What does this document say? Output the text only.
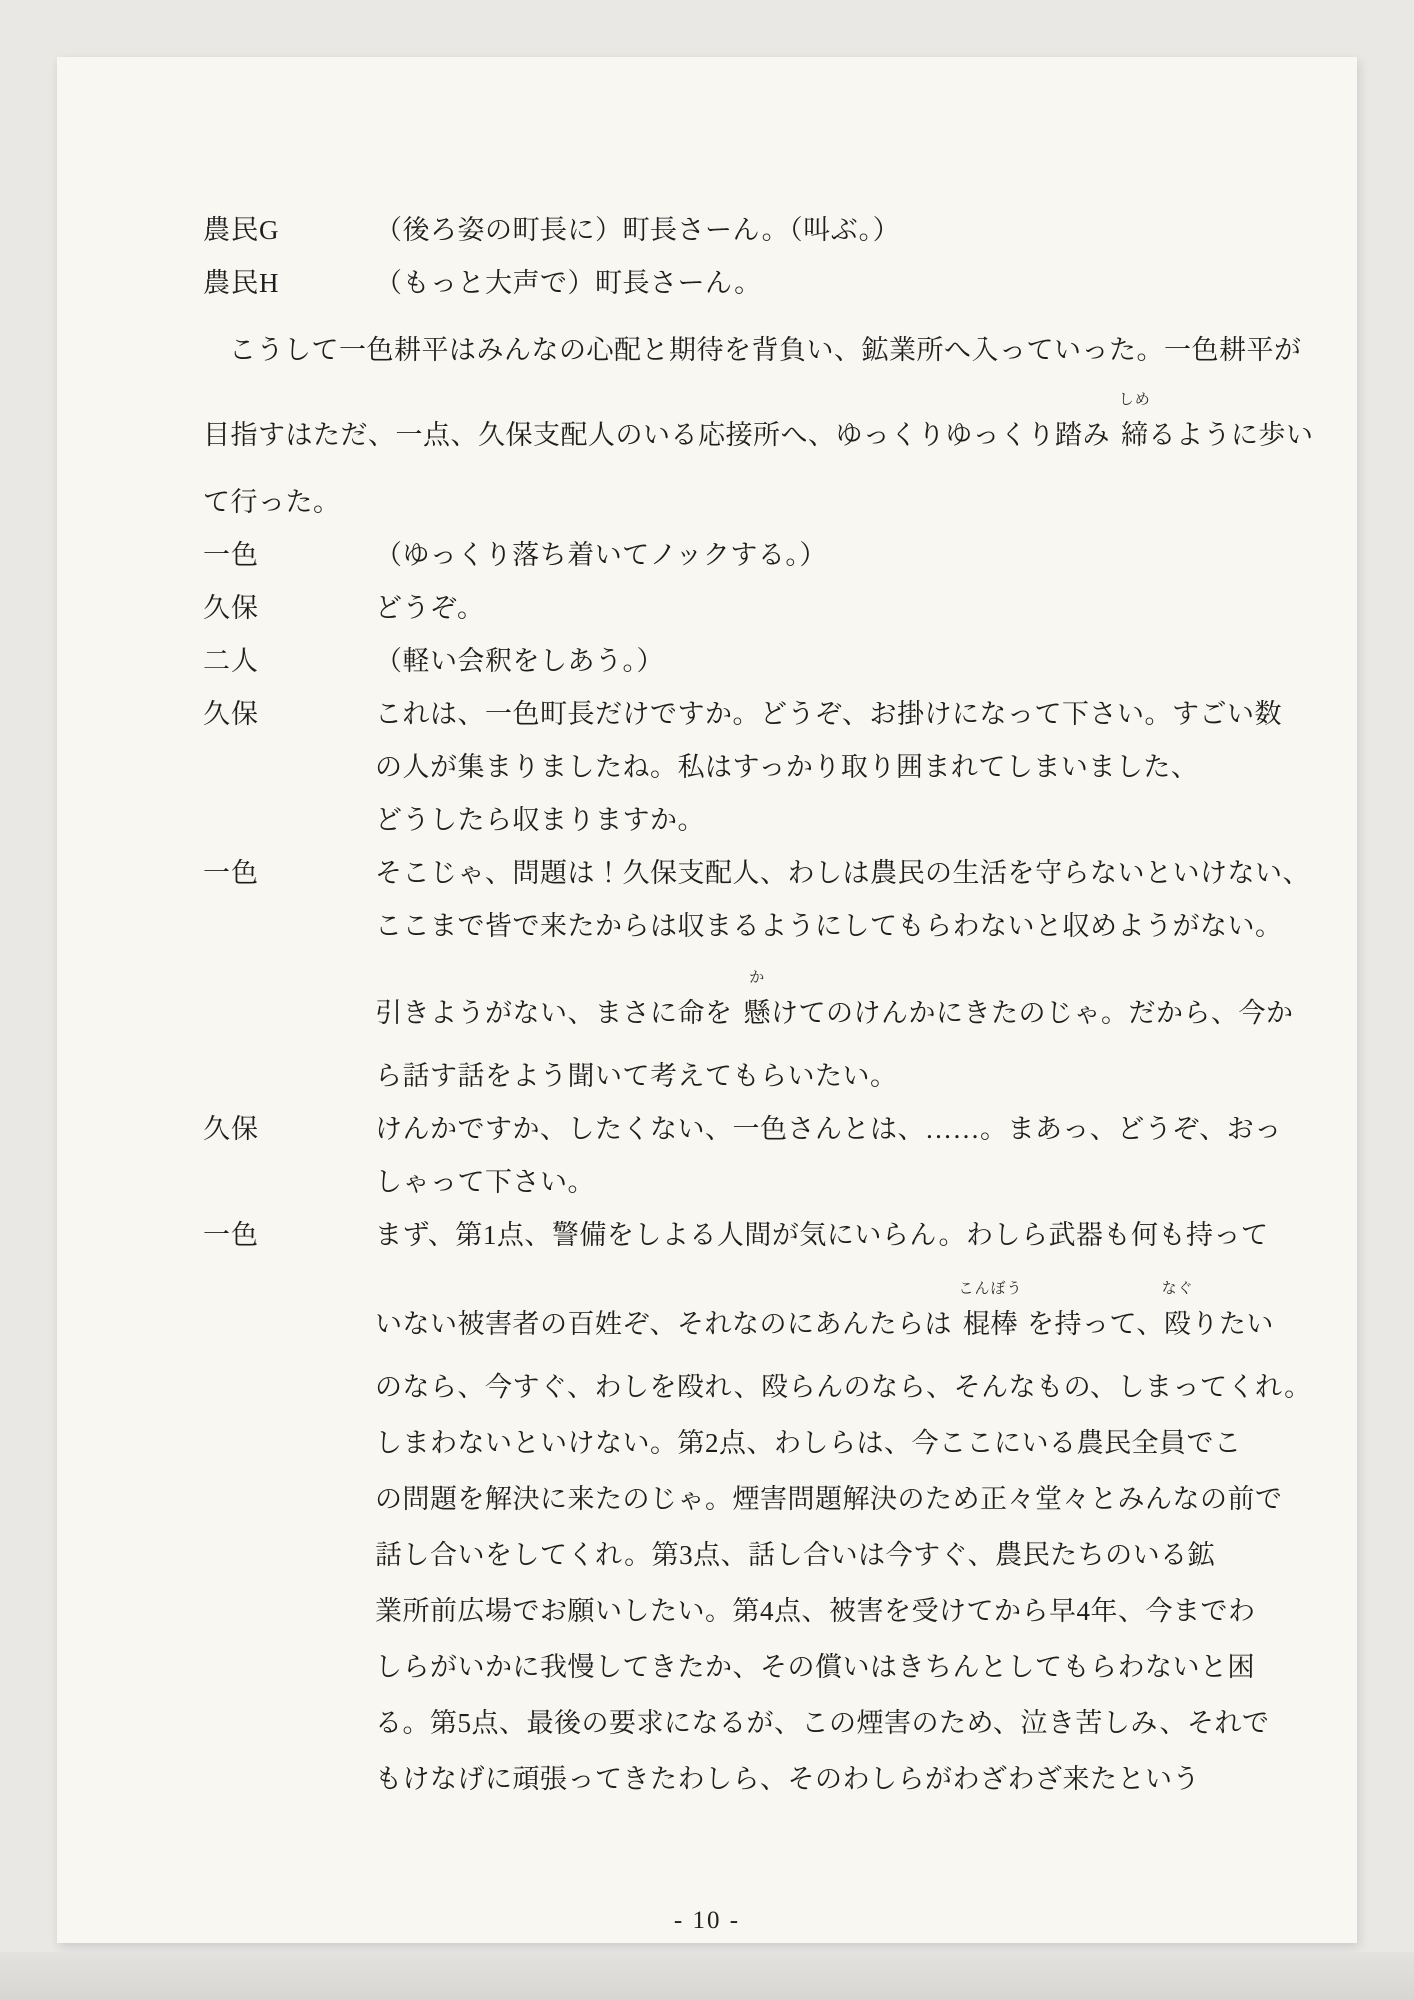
農民G	（後ろ姿の町長に）町長さーん。（叫ぶ。）
農民H	（もっと大声で）町長さーん。
こうして一色耕平はみんなの心配と期待を背負い、鉱業所へ入っていった。一色耕平が
目指すはただ、一点、久保支配人のいる応接所へ、ゆっくりゆっくり踏み
しめ
締るように歩い
て行った。
一色	（ゆっくり落ち着いてノックする。）
久保	どうぞ。
二人	（軽い会釈をしあう。）
久保	これは、一色町長だけですか。どうぞ、お掛けになって下さい。すごい数
の人が集まりましたね。私はすっかり取り囲まれてしまいました、
どうしたら収まりますか。
一色	そこじゃ、問題は！久保支配人、わしは農民の生活を守らないといけない、
ここまで皆で来たからは収まるようにしてもらわないと収めようがない。
引きようがない、まさに命を
か
懸けてのけんかにきたのじゃ。だから、今か
ら話す話をよう聞いて考えてもらいたい。
久保	けんかですか、したくない、一色さんとは、……。まあっ、どうぞ、おっ
しゃって下さい。
一色	まず、第1点、警備をしよる人間が気にいらん。わしら武器も何も持って
いない被害者の百姓ぞ、それなのにあんたらは
こんぼう
棍棒 を持って、
なぐ
殴りたい
のなら、今すぐ、わしを殴れ、殴らんのなら、そんなもの、しまってくれ。
しまわないといけない。第2点、わしらは、今ここにいる農民全員でこ
の問題を解決に来たのじゃ。煙害問題解決のため正々堂々とみんなの前で
話し合いをしてくれ。第3点、話し合いは今すぐ、農民たちのいる鉱
業所前広場でお願いしたい。第4点、被害を受けてから早4年、今までわ
しらがいかに我慢してきたか、その償いはきちんとしてもらわないと困
る。第5点、最後の要求になるが、この煙害のため、泣き苦しみ、それで
もけなげに頑張ってきたわしら、そのわしらがわざわざ来たという
- 10 -
